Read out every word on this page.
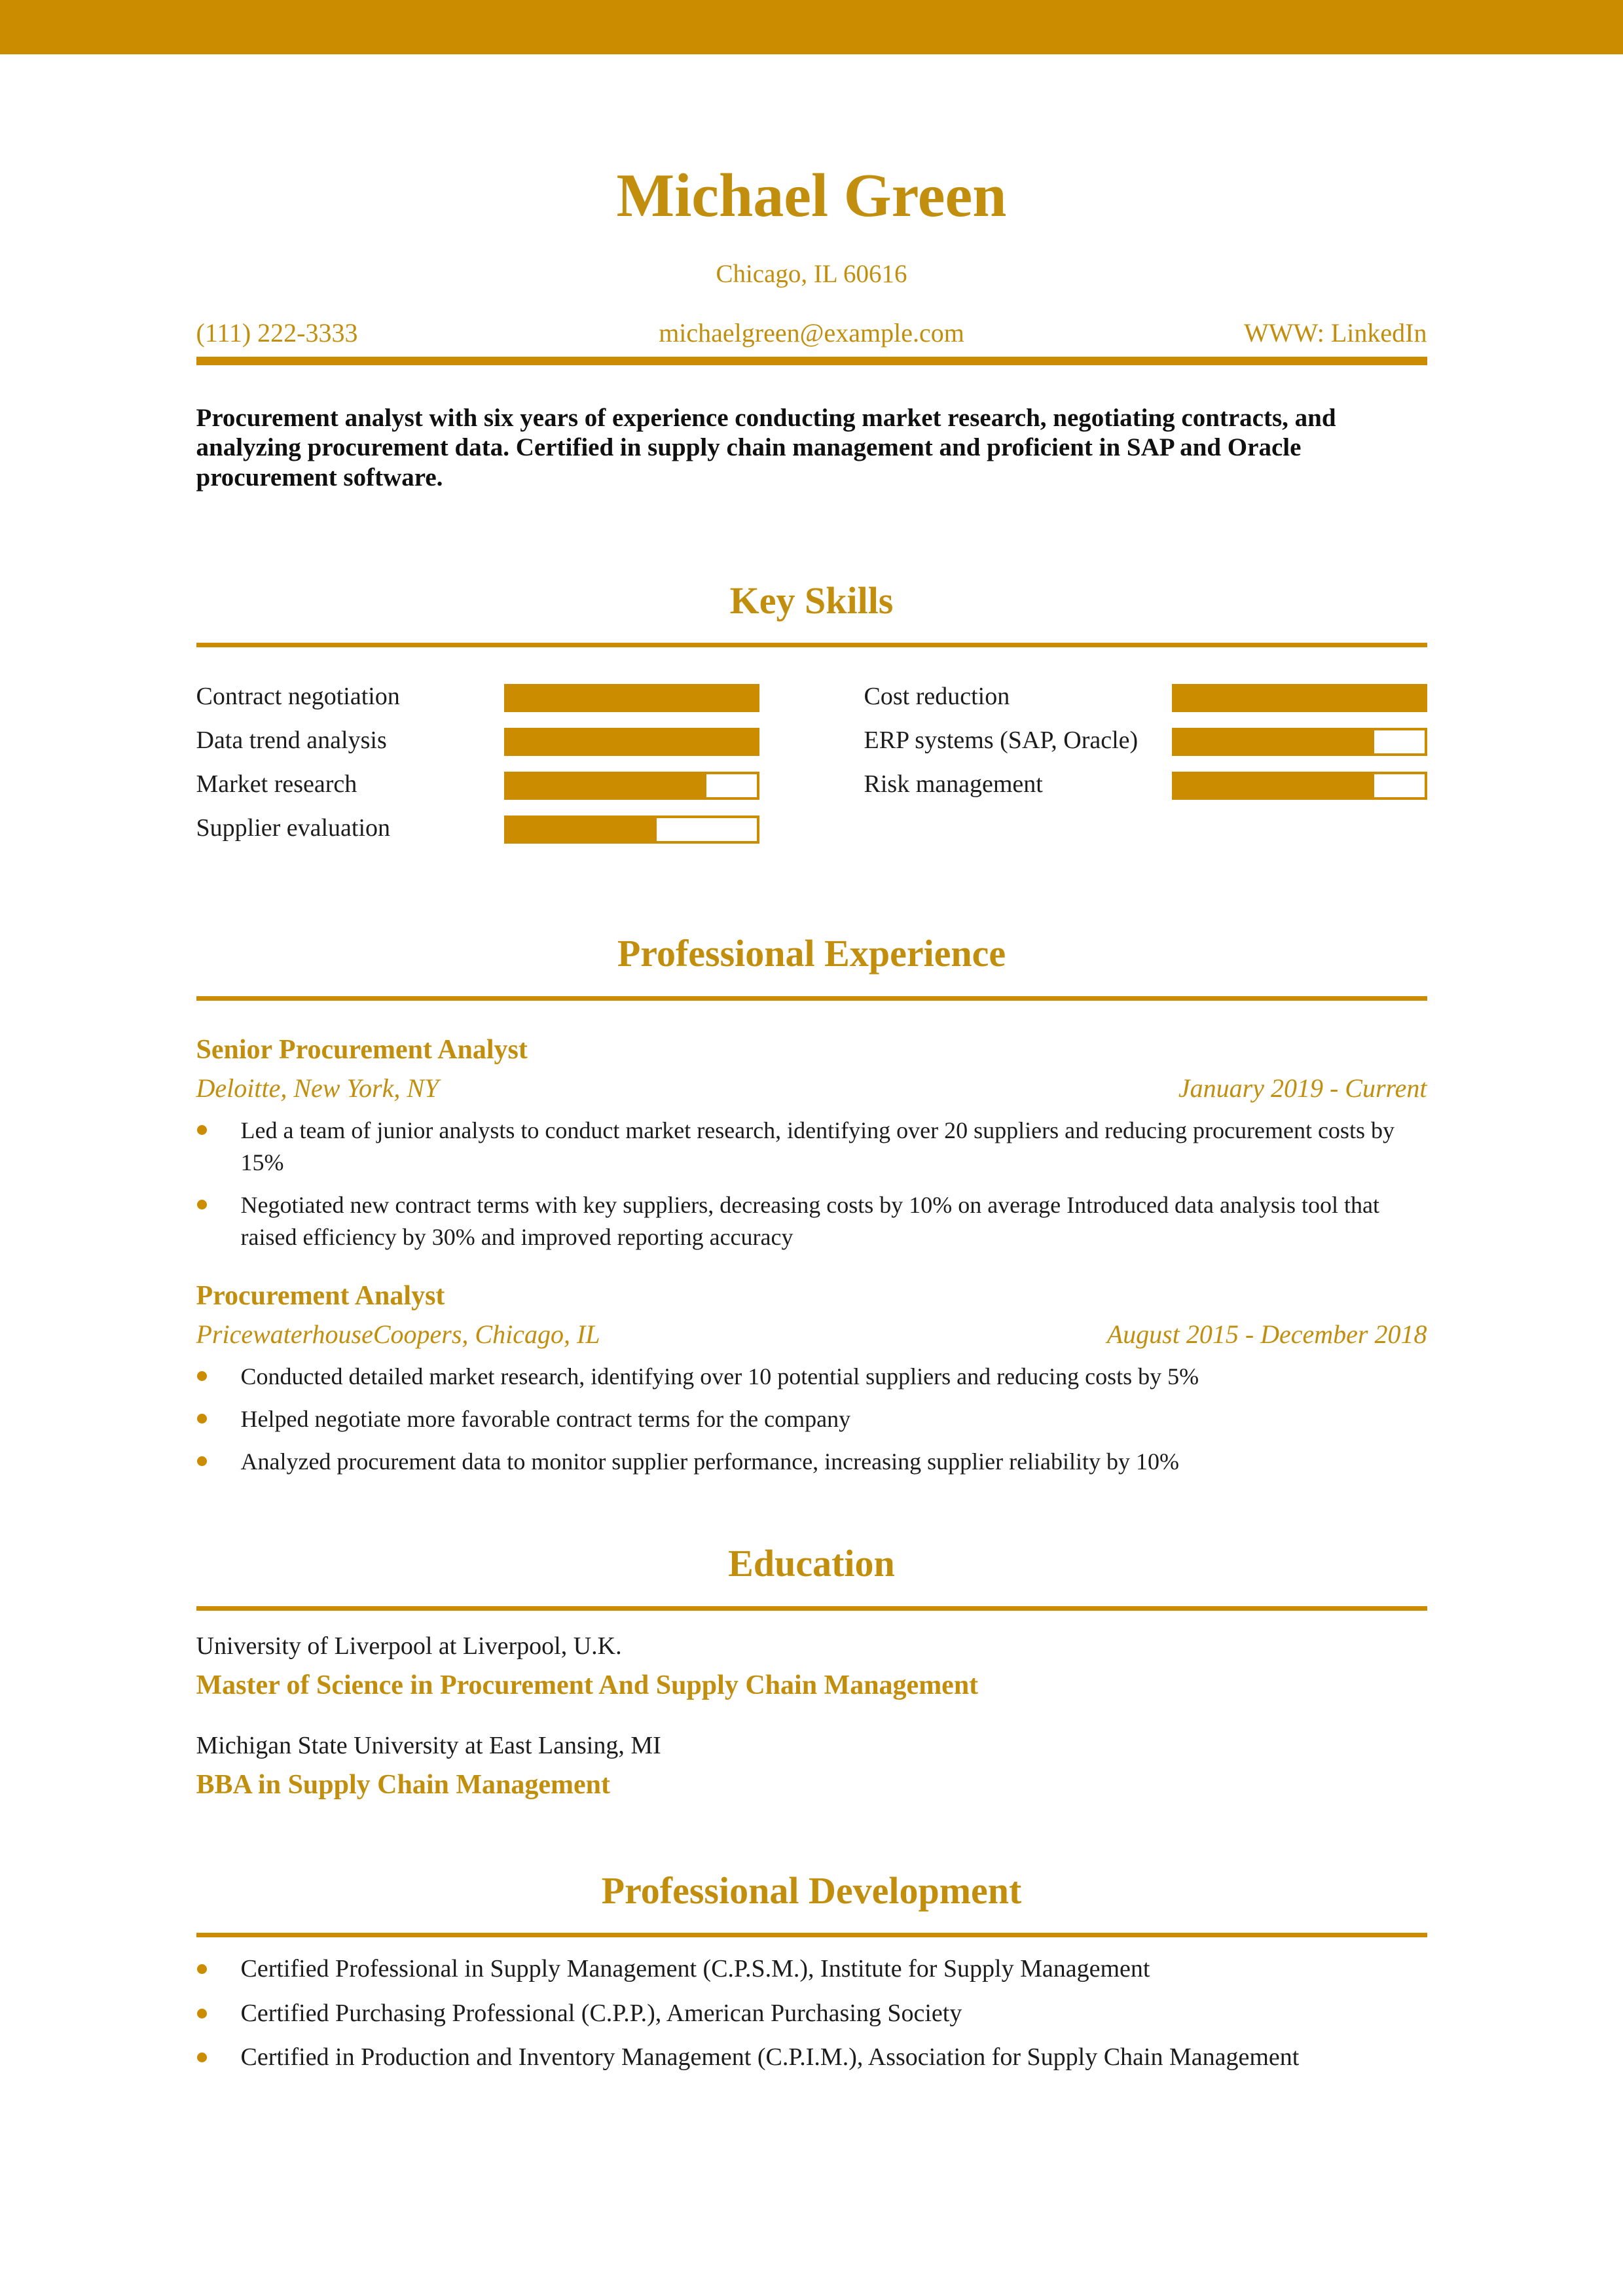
Michael Green
Chicago, IL 60616
(111) 222-3333	michaelgreen@example.com	WWW: LinkedIn
Procurement analyst with six years of experience conducting market research, negotiating contracts, and analyzing procurement data. Certified in supply chain management and proficient in SAP and Oracle procurement software.
Key Skills
Contract negotiation	Cost reduction
Data trend analysis	ERP systems (SAP, Oracle)
Market research	Risk management
Supplier evaluation
Professional Experience
Senior Procurement Analyst
Deloitte, New York, NY	January 2019 - Current
Led a team of junior analysts to conduct market research, identifying over 20 suppliers and reducing procurement costs by 15%
Negotiated new contract terms with key suppliers, decreasing costs by 10% on average Introduced data analysis tool that raised efficiency by 30% and improved reporting accuracy
Procurement Analyst
PricewaterhouseCoopers, Chicago, IL	August 2015 - December 2018
Conducted detailed market research, identifying over 10 potential suppliers and reducing costs by 5%
Helped negotiate more favorable contract terms for the company
Analyzed procurement data to monitor supplier performance, increasing supplier reliability by 10%
Education
University of Liverpool at Liverpool, U.K.
Master of Science in Procurement And Supply Chain Management
Michigan State University at East Lansing, MI
BBA in Supply Chain Management
Professional Development
Certified Professional in Supply Management (C.P.S.M.), Institute for Supply Management
Certified Purchasing Professional (C.P.P.), American Purchasing Society
Certified in Production and Inventory Management (C.P.I.M.), Association for Supply Chain Management
